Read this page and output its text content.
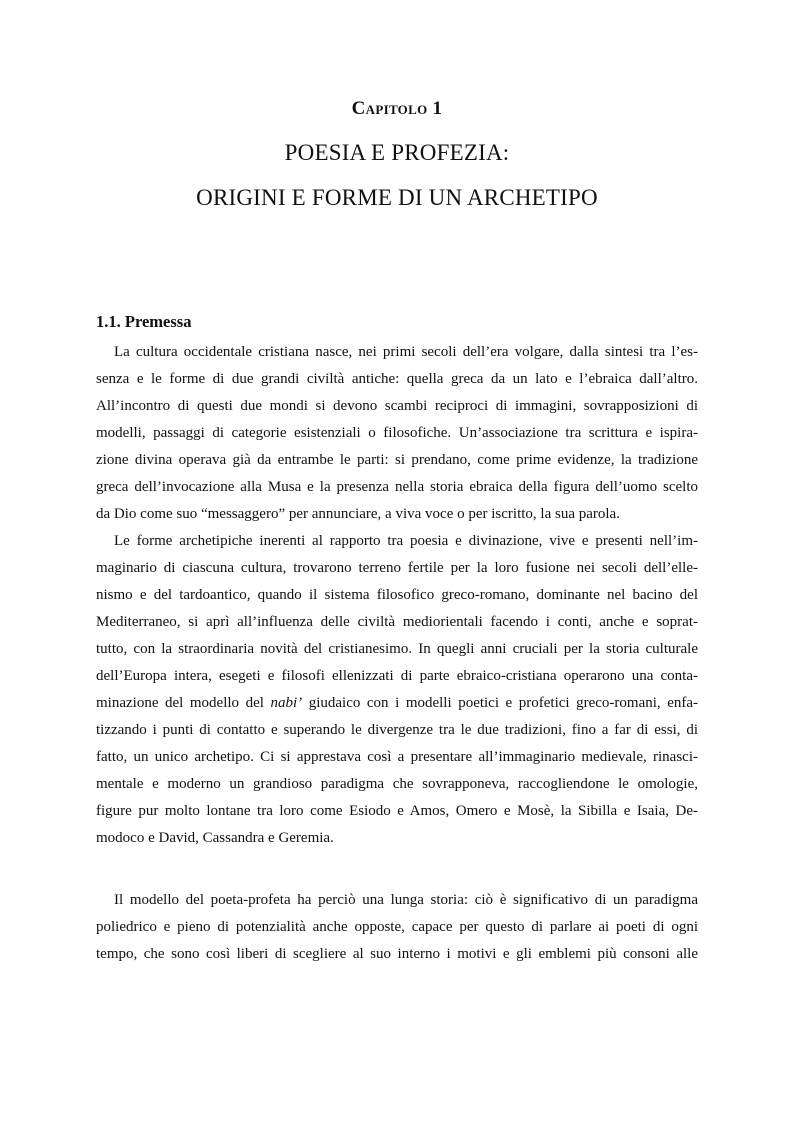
Capitolo 1
POESIA E PROFEZIA:
ORIGINI E FORME DI UN ARCHETIPO
1.1. Premessa
La cultura occidentale cristiana nasce, nei primi secoli dell’era volgare, dalla sintesi tra l’es-
senza e le forme di due grandi civiltà antiche: quella greca da un lato e l’ebraica dall’altro.
All’incontro di questi due mondi si devono scambi reciproci di immagini, sovrapposizioni di
modelli, passaggi di categorie esistenziali o filosofiche. Un’associazione tra scrittura e ispira-
zione divina operava già da entrambe le parti: si prendano, come prime evidenze, la tradizione
greca dell’invocazione alla Musa e la presenza nella storia ebraica della figura dell’uomo scelto
da Dio come suo “messaggero” per annunciare, a viva voce o per iscritto, la sua parola.
Le forme archetipiche inerenti al rapporto tra poesia e divinazione, vive e presenti nell’im-
maginario di ciascuna cultura, trovarono terreno fertile per la loro fusione nei secoli dell’elle-
nismo e del tardoantico, quando il sistema filosofico greco-romano, dominante nel bacino del
Mediterraneo, si aprì all’influenza delle civiltà mediorientali facendo i conti, anche e soprat-
tutto, con la straordinaria novità del cristianesimo. In quegli anni cruciali per la storia culturale
dell’Europa intera, esegeti e filosofi ellenizzati di parte ebraico-cristiana operarono una conta-
minazione del modello del nabi’ giudaico con i modelli poetici e profetici greco-romani, enfa-
tizzando i punti di contatto e superando le divergenze tra le due tradizioni, fino a far di essi, di
fatto, un unico archetipo. Ci si apprestava così a presentare all’immaginario medievale, rinasci-
mentale e moderno un grandioso paradigma che sovrapponeva, raccogliendone le omologie,
figure pur molto lontane tra loro come Esiodo e Amos, Omero e Mosè, la Sibilla e Isaia, De-
modoco e David, Cassandra e Geremia.
Il modello del poeta-profeta ha perciò una lunga storia: ciò è significativo di un paradigma
poliedrico e pieno di potenzialità anche opposte, capace per questo di parlare ai poeti di ogni
tempo, che sono così liberi di scegliere al suo interno i motivi e gli emblemi più consoni alle
